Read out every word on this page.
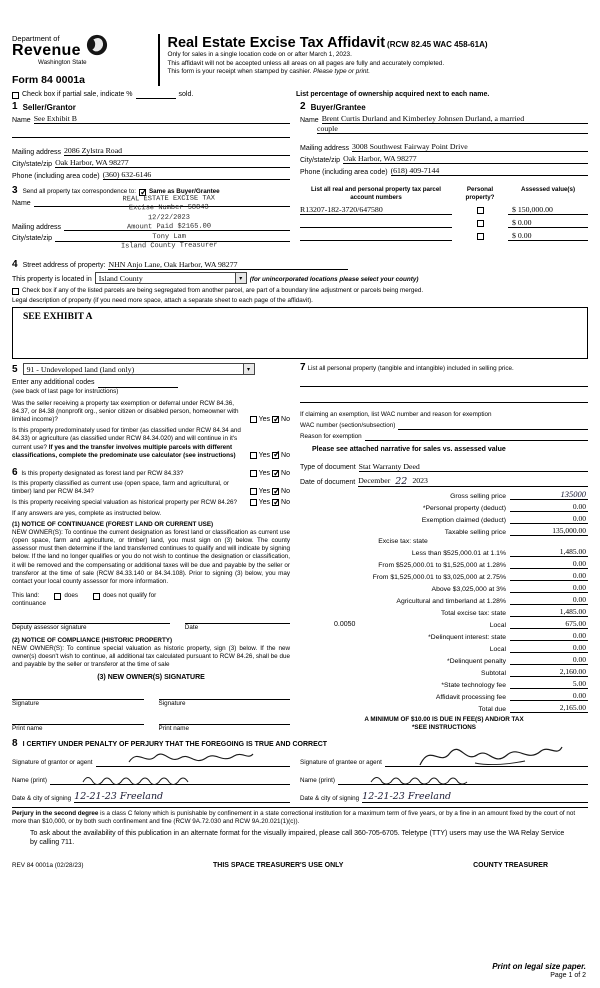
Department of
Revenue
Washington State
Form 84 0001a
Real Estate Excise Tax Affidavit (RCW 82.45 WAC 458-61A)
Only for sales in a single location code on or after March 1, 2023.
This affidavit will not be accepted unless all areas on all pages are fully and accurately completed.
This form is your receipt when stamped by cashier. Please type or print.
Check box if partial sale, indicate %	sold.	List percentage of ownership acquired next to each name.
1 Seller/Grantor
Name See Exhibit B
Mailing address 2086 Zylstra Road
City/state/zip Oak Harbor, WA 98277
Phone (including area code) (360) 632-6146
2 Buyer/Grantee
Name Brent Curtis Durland and Kimberley Johnsen Durland, a married
couple
Mailing address 3008 Southwest Fairway Point Drive
City/state/zip Oak Harbor, WA 98277
Phone (including area code) (618) 409-7144
3 Send all property tax correspondence to: ✓ Same as Buyer/Grantee
Name
Mailing address
City/state/zip
REAL ESTATE EXCISE TAX
Excise Number 58843
12/22/2023
Amount Paid $2165.00
Tony Lam
Island County Treasurer
List all real and personal property tax parcel account numbers
Personal property?
Assessed value(s)
R13207-182-3720/647580	$ 150,000.00
$ 0.00
$ 0.00
4 Street address of property: NHN Anjo Lane, Oak Harbor, WA 98277
This property is located in Island County	▾	(for unincorporated locations please select your county)
Check box if any of the listed parcels are being segregated from another parcel, are part of a boundary line adjustment or parcels being merged.
Legal description of property (if you need more space, attach a separate sheet to each page of the affidavit).
SEE EXHIBIT A
5 91 - Undeveloped land (land only)	▾
Enter any additional codes
(see back of last page for instructions)
Was the seller receiving a property tax exemption or deferral under RCW 84.36, 84.37, or 84.38 (nonprofit org., senior citizen or disabled person, homeowner with limited income)?	Yes ✓ No
Is this property predominately used for timber (as classified under RCW 84.34 and 84.33) or agriculture (as classified under RCW 84.34.020) and will continue in it's current use? If yes and the transfer involves multiple parcels with different classifications, complete the predominate use calculator (see instructions)	Yes ✓ No
6 Is this property designated as forest land per RCW 84.33?	Yes ✓ No
Is this property classified as current use (open space, farm and agricultural, or timber) land per RCW 84.34?	Yes ✓ No
Is this property receiving special valuation as historical property per RCW 84.26?	Yes ✓ No
If any answers are yes, complete as instructed below.
(1) NOTICE OF CONTINUANCE (FOREST LAND OR CURRENT USE)
NEW OWNER(S): To continue the current designation as forest land or classification as current use (open space, farm and agriculture, or timber) land, you must sign on (3) below. The county assessor must then determine if the land transferred continues to qualify and will indicate by signing below. If the land no longer qualifies or you do not wish to continue the designation or classification, it will be removed and the compensating or additional taxes will be due and payable by the seller or transferor at the time of sale (RCW 84.33.140 or 84.34.108). Prior to signing (3) below, you may contact your local county assessor for more information.
This land:	does	does not qualify for
continuance
Deputy assessor signature	Date
(2) NOTICE OF COMPLIANCE (HISTORIC PROPERTY)
NEW OWNER(S): To continue special valuation as historic property, sign (3) below. If the new owner(s) doesn't wish to continue, all additional tax calculated pursuant to RCW 84.26, shall be due and payable by the seller or transferor at the time of sale
(3) NEW OWNER(S) SIGNATURE
Signature	Signature
Print name	Print name
7 List all personal property (tangible and intangible) included in selling price.
If claiming an exemption, list WAC number and reason for exemption
WAC number (section/subsection)
Reason for exemption
Please see attached narrative for sales vs. assessed value
Type of document Stat Warranty Deed
Date of document December 22 2023
Gross selling price	135000
*Personal property (deduct)	0.00
Exemption claimed (deduct)	0.00
Taxable selling price	135,000.00
Excise tax: state
Less than $525,000.01 at 1.1%	1,485.00
From $525,000.01 to $1,525,000 at 1.28%	0.00
From $1,525,000.01 to $3,025,000 at 2.75%	0.00
Above $3,025,000 at 3%	0.00
Agricultural and timberland at 1.28%	0.00
Total excise tax: state	1,485.00
0.0050	Local	675.00
*Delinquent interest: state	0.00
Local	0.00
*Delinquent penalty	0.00
Subtotal	2,160.00
*State technology fee	5.00
Affidavit processing fee	0.00
Total due	2,165.00
A MINIMUM OF $10.00 IS DUE IN FEE(S) AND/OR TAX
*SEE INSTRUCTIONS
8 I CERTIFY UNDER PENALTY OF PERJURY THAT THE FOREGOING IS TRUE AND CORRECT
Signature of grantor or agent
Name (print)
Date & city of signing 12-21-23 Freeland
Signature of grantee or agent
Name (print)
Date & city of signing 12-21-23 Freeland
Perjury in the second degree is a class C felony which is punishable by confinement in a state correctional institution for a maximum term of five years, or by a fine in an amount fixed by the court of not more than $10,000, or by both such confinement and fine (RCW 9A.72.030 and RCW 9A.20.021(1)(c)).
To ask about the availability of this publication in an alternate format for the visually impaired, please call 360-705-6705. Teletype (TTY) users may use the WA Relay Service by calling 711.
REV 84 0001a (02/28/23)	THIS SPACE TREASURER'S USE ONLY	COUNTY TREASURER
Print on legal size paper.
Page 1 of 2
